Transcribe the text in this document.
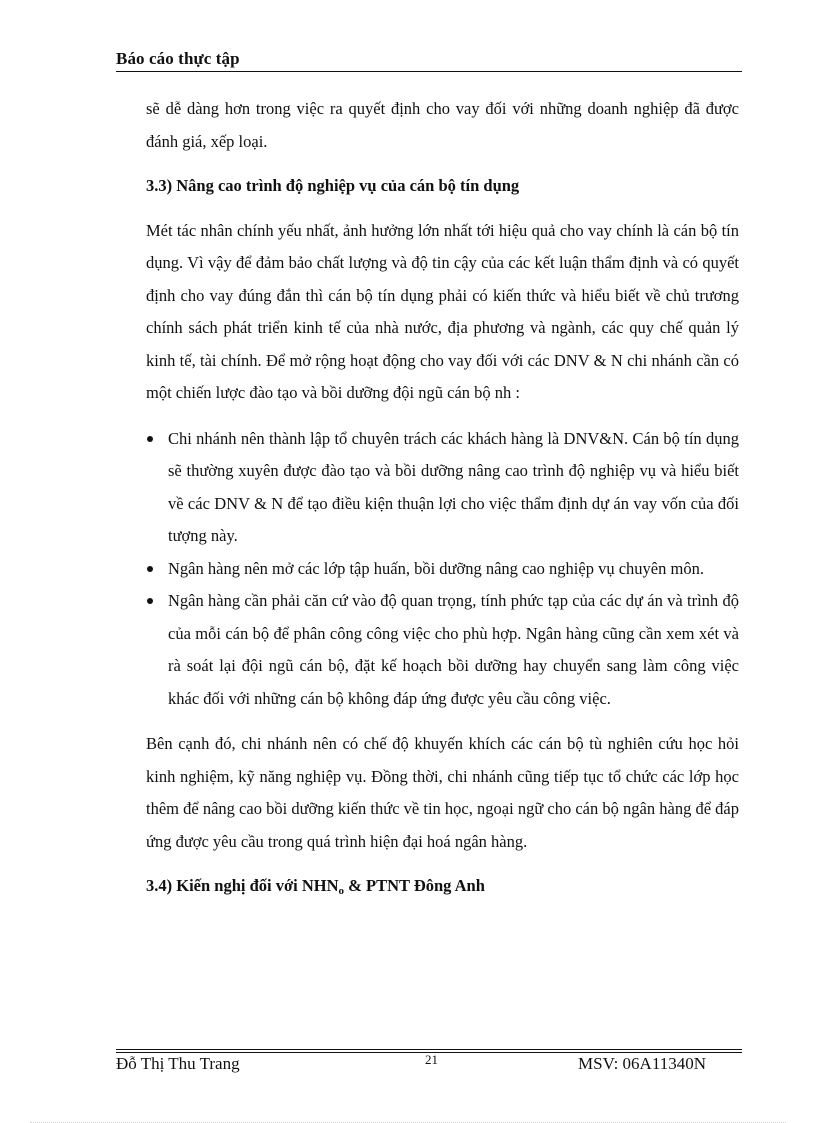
Báo cáo thực tập

sẽ dễ dàng hơn trong việc ra quyết định cho vay đối với những doanh nghiệp đã được đánh giá, xếp loại.

3.3) Nâng cao trình độ nghiệp vụ của cán bộ tín dụng

Mét tác nhân chính yếu nhất, ảnh hưởng lớn nhất tới hiệu quả cho vay chính là cán bộ tín dụng. Vì vậy để đảm bảo chất lượng và độ tin cậy của các kết luận thẩm định và có quyết định cho vay đúng đắn thì cán bộ tín dụng phải có kiến thức và hiểu biết về chủ trương chính sách phát triển kinh tế của nhà nước, địa phương và ngành, các quy chế quản lý kinh tế, tài chính. Để mở rộng hoạt động cho vay đối với các DNV & N chi nhánh cần có một chiến lược đào tạo và bồi dưỡng đội ngũ cán bộ nh :

Chi nhánh nên thành lập tổ chuyên trách các khách hàng là DNV&N. Cán bộ tín dụng sẽ thường xuyên được đào tạo và bồi dưỡng nâng cao trình độ nghiệp vụ và hiểu biết về các DNV & N để tạo điều kiện thuận lợi cho việc thẩm định dự án vay vốn của đối tượng này.
Ngân hàng nên mở các lớp tập huấn, bồi dưỡng nâng cao nghiệp vụ chuyên môn.
Ngân hàng cần phải căn cứ vào độ quan trọng, tính phức tạp của các dự án và trình độ của mỗi cán bộ để phân công công việc cho phù hợp. Ngân hàng cũng cần xem xét và rà soát lại đội ngũ cán bộ, đặt kế hoạch bồi dưỡng hay chuyển sang làm công việc khác đối với những cán bộ không đáp ứng được yêu cầu công việc.

Bên cạnh đó, chi nhánh nên có chế độ khuyến khích các cán bộ tù nghiên cứu học hỏi kinh nghiệm, kỹ năng nghiệp vụ. Đồng thời, chi nhánh cũng tiếp tục tổ chức các lớp học thêm để nâng cao bồi dưỡng kiến thức về tin học, ngoại ngữ cho cán bộ ngân hàng để đáp ứng được yêu cầu trong quá trình hiện đại hoá ngân hàng.

3.4) Kiến nghị đối với $NHN_o$ & PTNT Đông Anh
Đỗ Thị Thu Trang	21	MSV: 06A11340N
